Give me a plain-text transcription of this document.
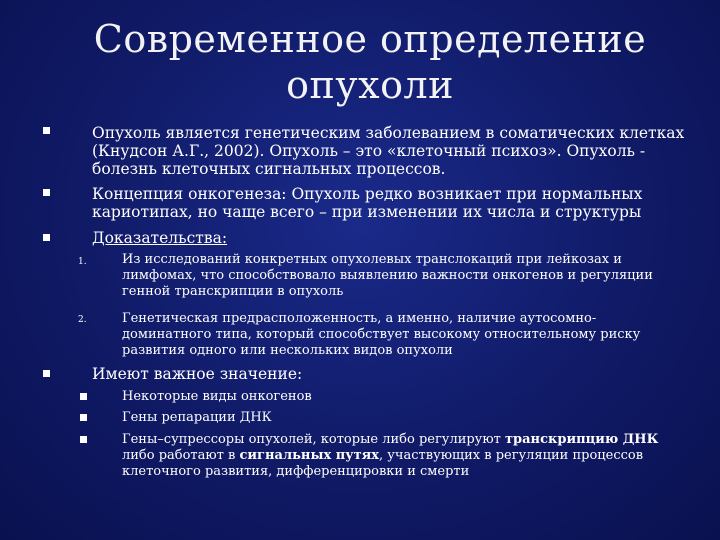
Современное определение опухоли

Опухоль является генетическим заболеванием в соматических клетках (Кнудсон А.Г., 2002). Опухоль – это «клеточный психоз». Опухоль - болезнь клеточных сигнальных процессов.

Концепция онкогенеза: Опухоль редко возникает при нормальных кариотипах, но чаще всего – при изменении их числа и структуры

Доказательства:

1.	Из исследований конкретных опухолевых транслокаций при лейкозах и лимфомах, что способствовало выявлению важности онкогенов и регуляции генной транскрипции в опухоль

2.	Генетическая предрасположенность, а именно, наличие аутосомно-доминатного типа, который способствует высокому относительному риску развития одного или нескольких видов опухоли

Имеют важное значение:

Некоторые виды онкогенов

Гены репарации ДНК

Гены–супрессоры опухолей, которые либо регулируют транскрипцию ДНК либо работают в сигнальных путях, участвующих в регуляции процессов клеточного развития, дифференцировки и смерти
